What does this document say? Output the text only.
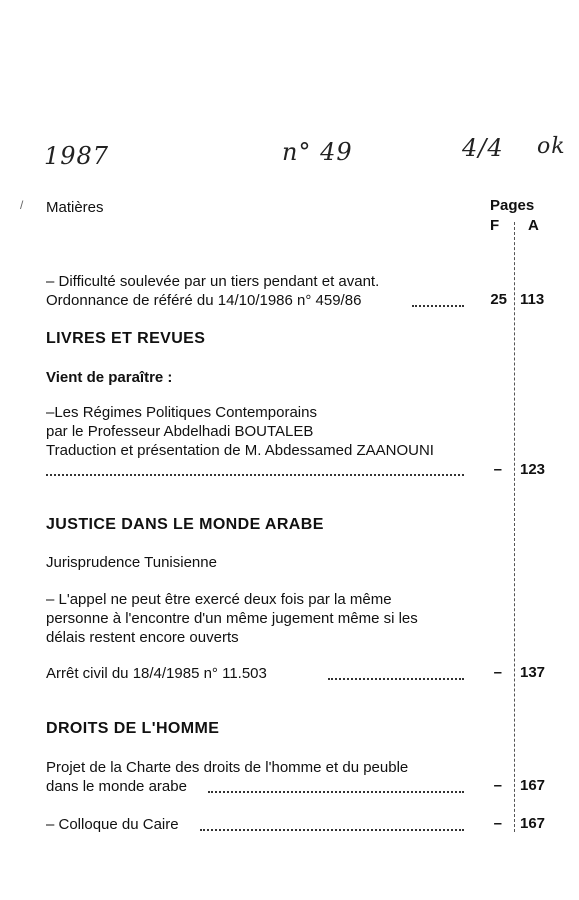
1987	n° 49	4/4 ok
/ Matières	Pages
F A
– Difficulté soulevée par un tiers pendant et avant.
Ordonnance de référé du 14/10/1986 n° 459/86	25 113
LIVRES ET REVUES
Vient de paraître :
–Les Régimes Politiques Contemporains
par le Professeur Abdelhadi BOUTALEB
Traduction et présentation de M. Abdessamed ZAANOUNI
– 123
JUSTICE DANS LE MONDE ARABE
Jurisprudence Tunisienne
– L'appel ne peut être exercé deux fois par la même
personne à l'encontre d'un même jugement même si les
délais restent encore ouverts
Arrêt civil du 18/4/1985 n° 11.503	– 137
DROITS DE L'HOMME
Projet de la Charte des droits de l'homme et du peuble
dans le monde arabe	– 167
– Colloque du Caire	– 167
